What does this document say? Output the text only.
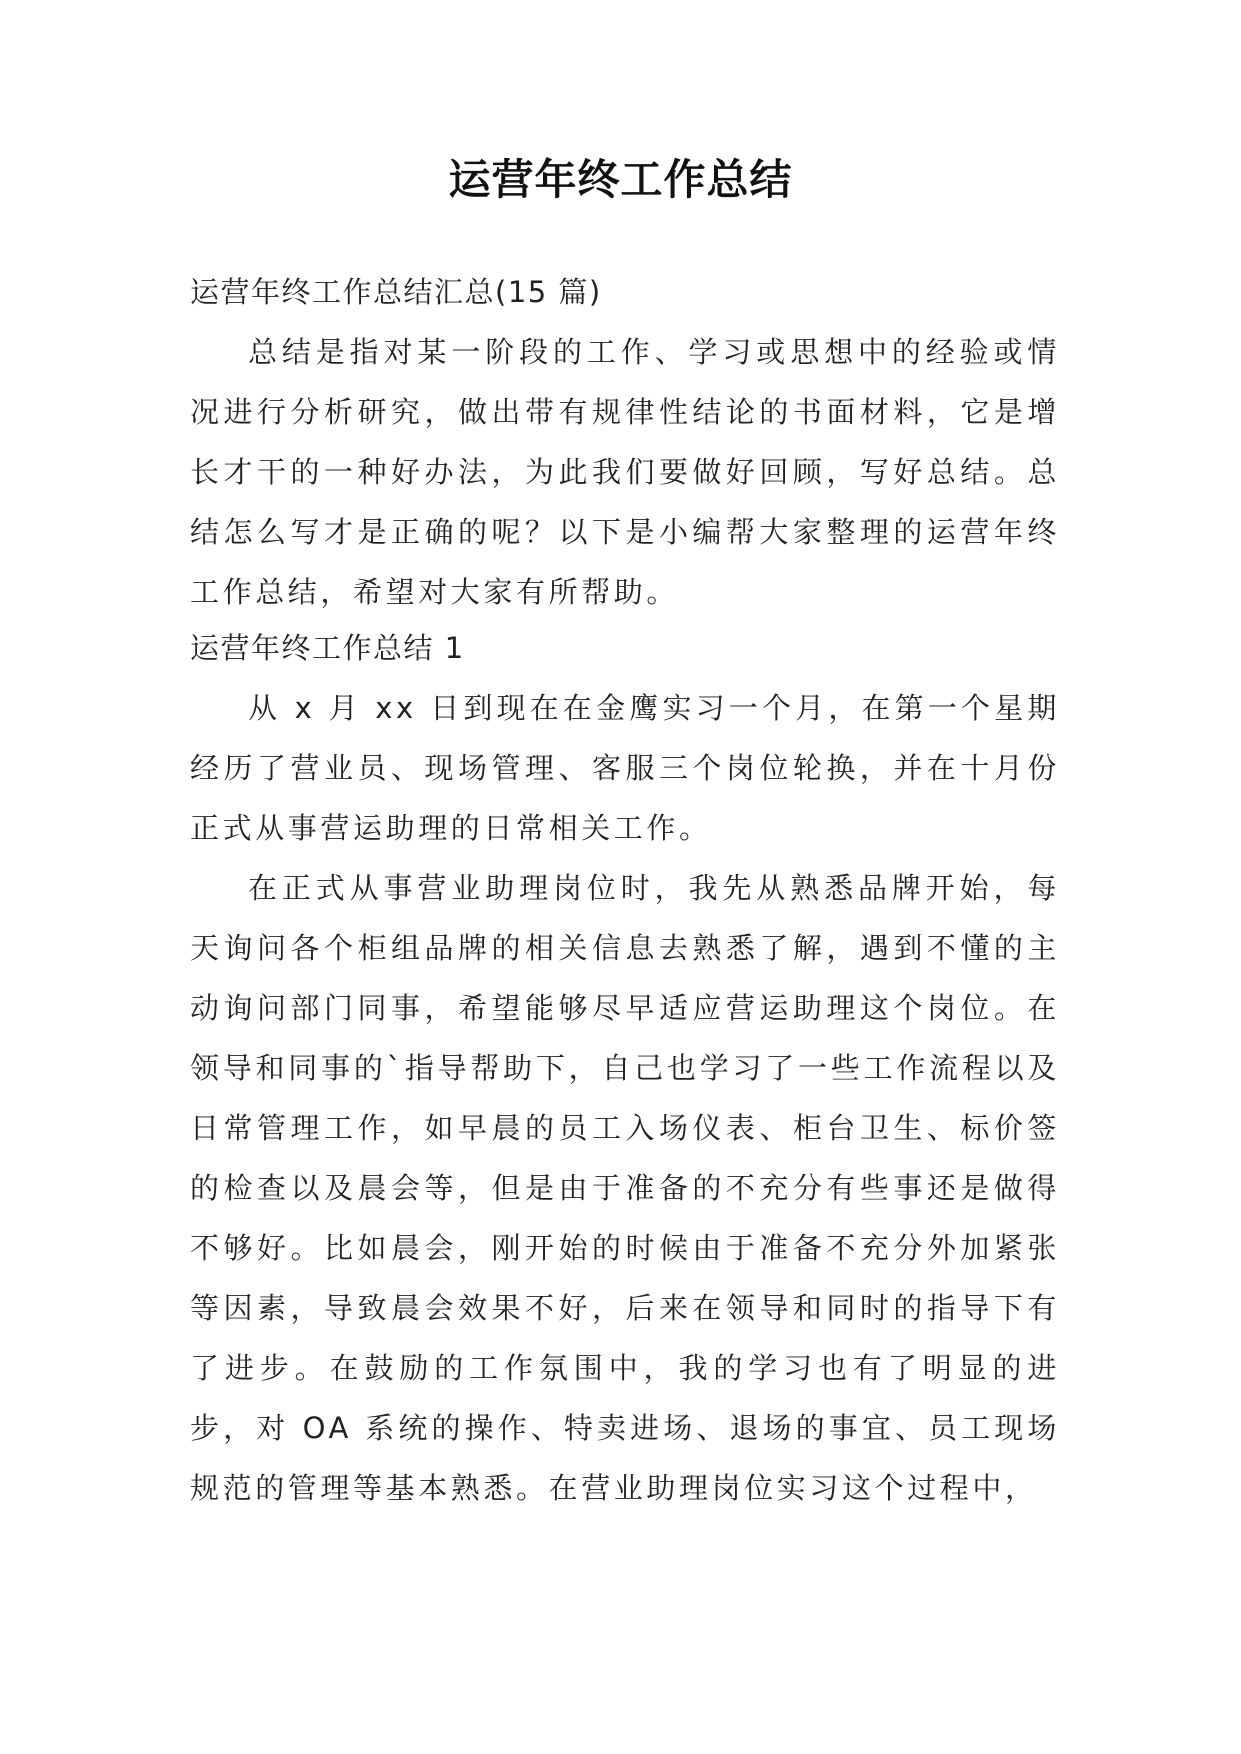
运营年终工作总结
运营年终工作总结汇总(15 篇)

总结是指对某一阶段的工作、学习或思想中的经验或情况进行分析研究，做出带有规律性结论的书面材料，它是增长才干的一种好办法，为此我们要做好回顾，写好总结。总结怎么写才是正确的呢？以下是小编帮大家整理的运营年终工作总结，希望对大家有所帮助。

运营年终工作总结 1

从 x 月 xx 日到现在在金鹰实习一个月，在第一个星期经历了营业员、现场管理、客服三个岗位轮换，并在十月份正式从事营运助理的日常相关工作。

在正式从事营业助理岗位时，我先从熟悉品牌开始，每天询问各个柜组品牌的相关信息去熟悉了解，遇到不懂的主动询问部门同事，希望能够尽早适应营运助理这个岗位。在领导和同事的`指导帮助下，自己也学习了一些工作流程以及日常管理工作，如早晨的员工入场仪表、柜台卫生、标价签的检查以及晨会等，但是由于准备的不充分有些事还是做得不够好。比如晨会，刚开始的时候由于准备不充分外加紧张等因素，导致晨会效果不好，后来在领导和同时的指导下有了进步。在鼓励的工作氛围中，我的学习也有了明显的进步，对 OA 系统的操作、特卖进场、退场的事宜、员工现场规范的管理等基本熟悉。在营业助理岗位实习这个过程中，
